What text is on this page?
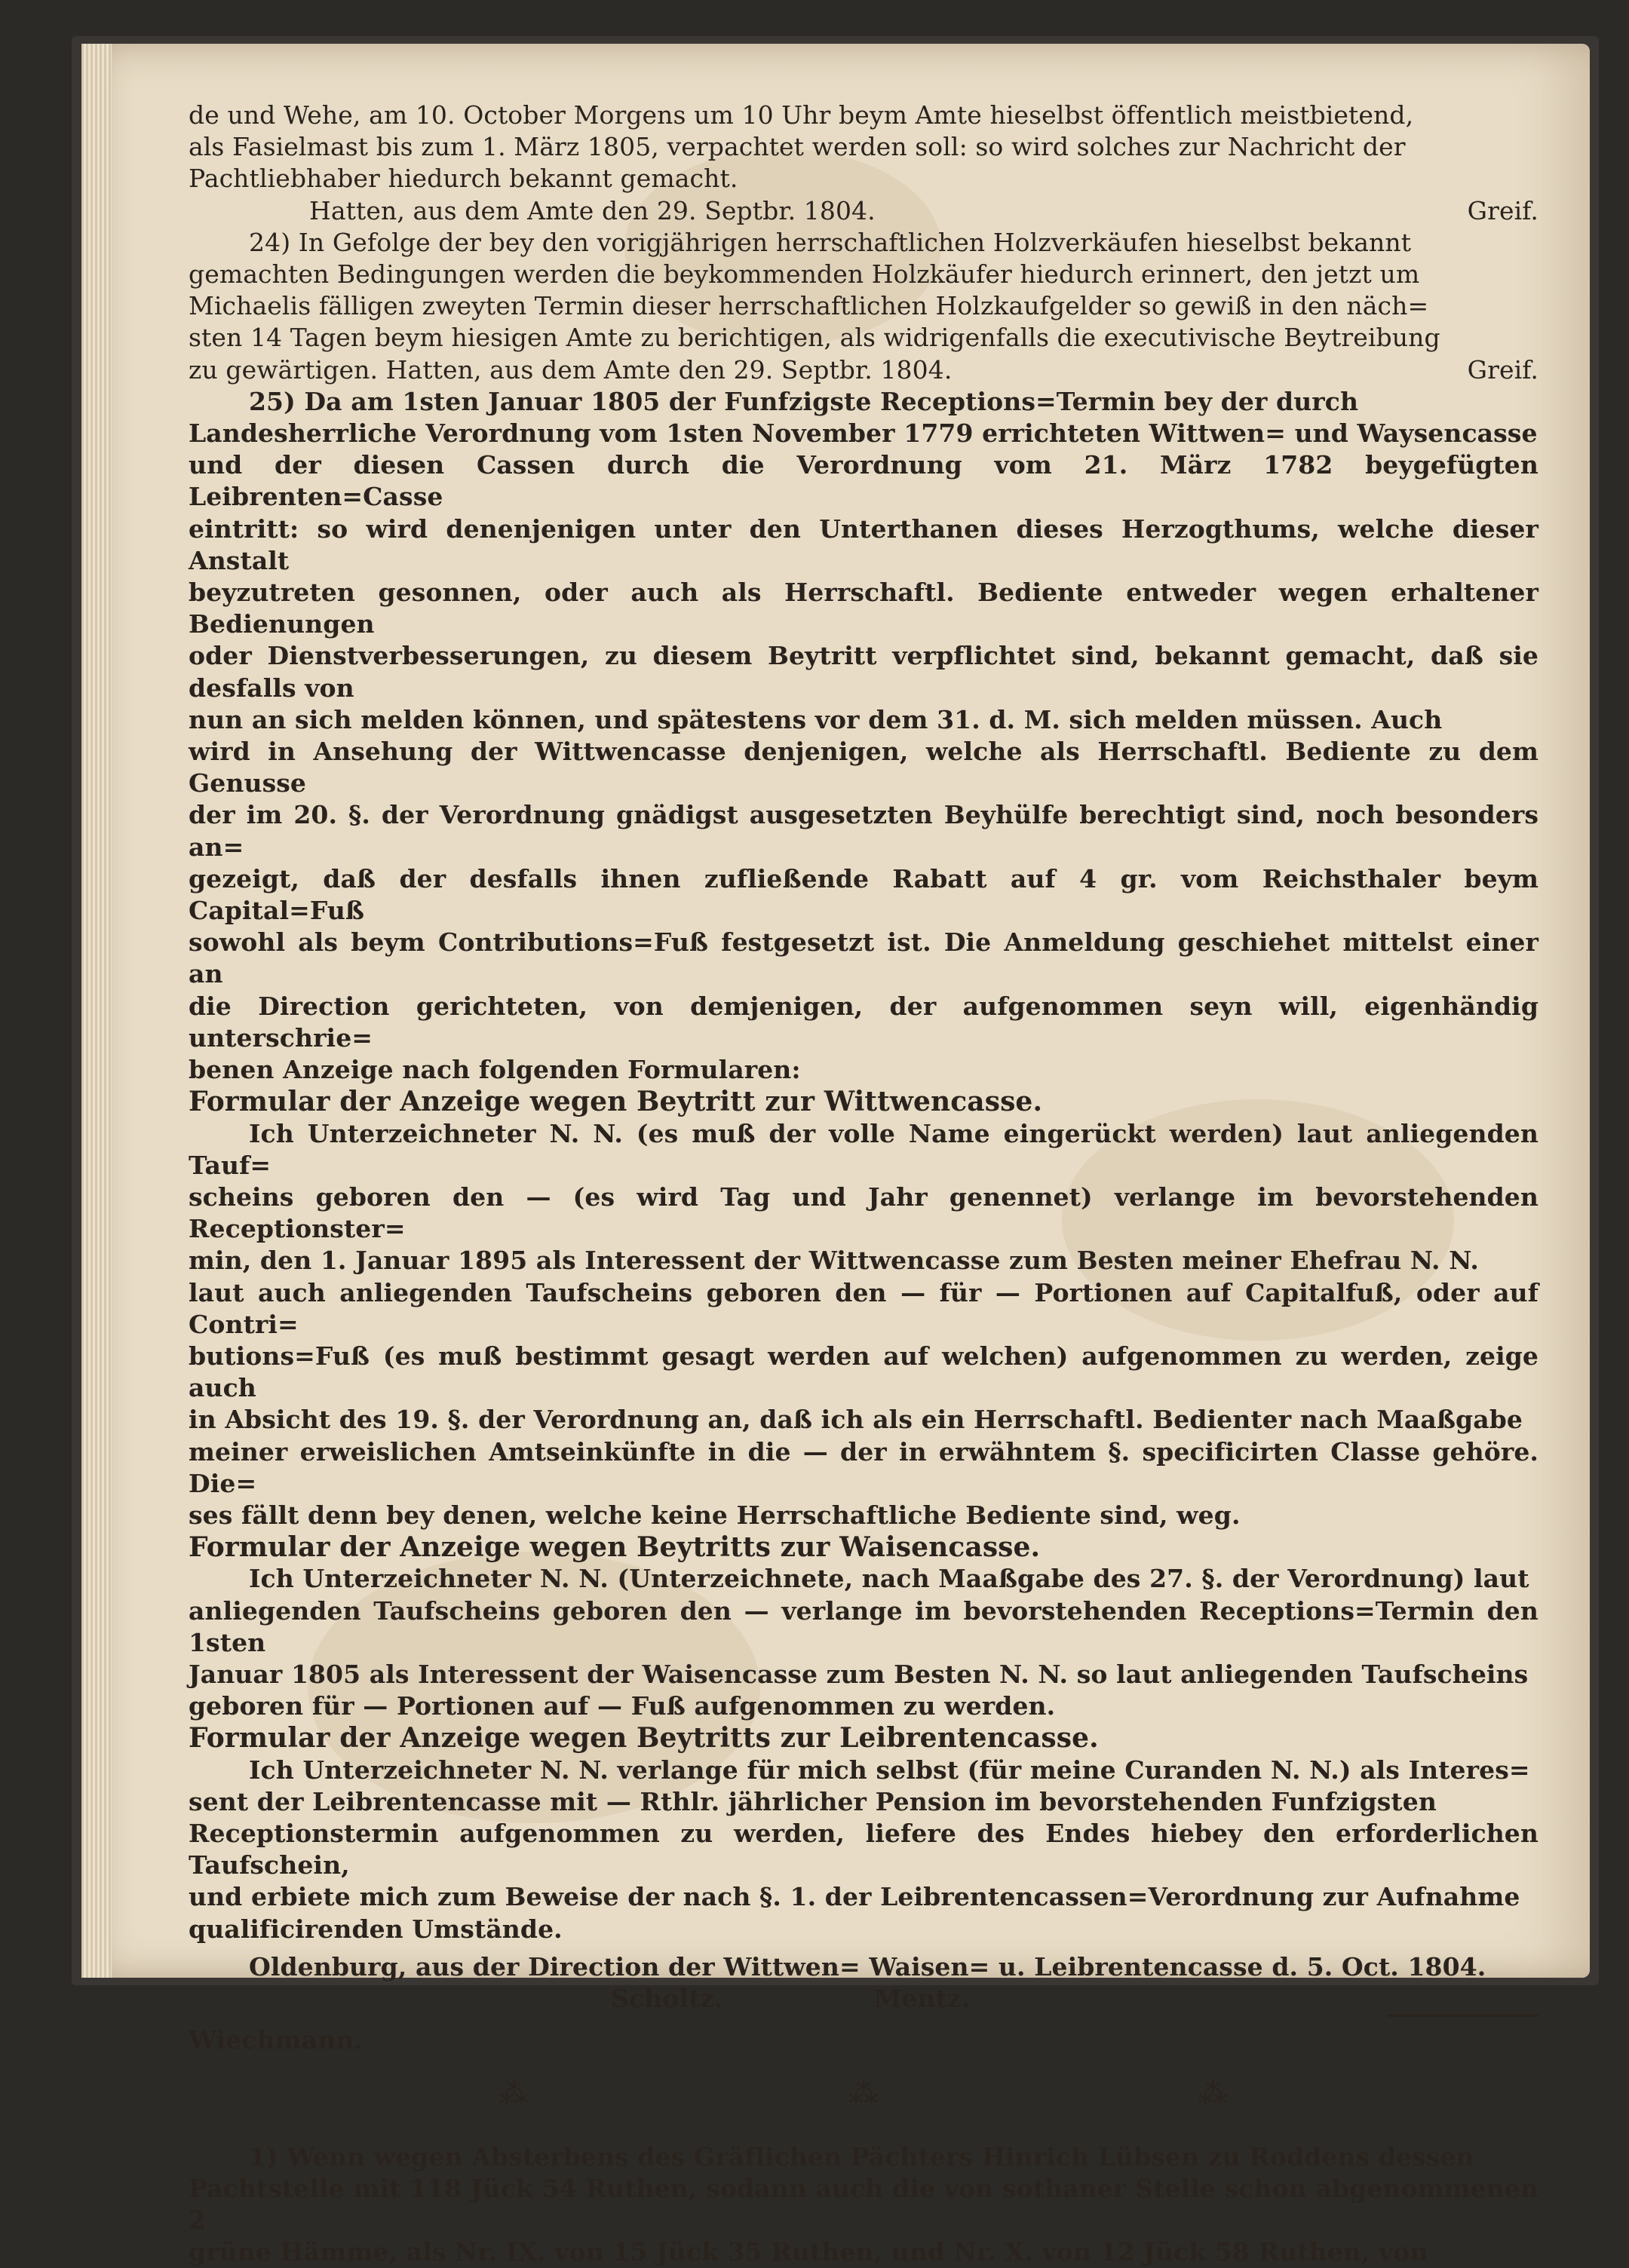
de und Wehe, am 10. October Morgens um 10 Uhr beym Amte hieselbst öffentlich meistbietend,

als Fasielmast bis zum 1. März 1805, verpachtet werden soll: so wird solches zur Nachricht der

Pachtliebhaber hiedurch bekannt gemacht.

Hatten, aus dem Amte den 29. Septbr. 1804.	Greif.

24) In Gefolge der bey den vorigjährigen herrschaftlichen Holzverkäufen hieselbst bekannt

gemachten Bedingungen werden die beykommenden Holzkäufer hiedurch erinnert, den jetzt um

Michaelis fälligen zweyten Termin dieser herrschaftlichen Holzkaufgelder so gewiß in den näch=

sten 14 Tagen beym hiesigen Amte zu berichtigen, als widrigenfalls die executivische Beytreibung

zu gewärtigen. Hatten, aus dem Amte den 29. Septbr. 1804.	Greif.

25) Da am 1sten Januar 1805 der Funfzigste Receptions=Termin bey der durch

Landesherrliche Verordnung vom 1sten November 1779 errichteten Wittwen= und Waysencasse

und der diesen Cassen durch die Verordnung vom 21. März 1782 beygefügten Leibrenten=Casse

eintritt: so wird denenjenigen unter den Unterthanen dieses Herzogthums, welche dieser Anstalt

beyzutreten gesonnen, oder auch als Herrschaftl. Bediente entweder wegen erhaltener Bedienungen

oder Dienstverbesserungen, zu diesem Beytritt verpflichtet sind, bekannt gemacht, daß sie desfalls von

nun an sich melden können, und spätestens vor dem 31. d. M. sich melden müssen. Auch

wird in Ansehung der Wittwencasse denjenigen, welche als Herrschaftl. Bediente zu dem Genusse

der im 20. §. der Verordnung gnädigst ausgesetzten Beyhülfe berechtigt sind, noch besonders an=

gezeigt, daß der desfalls ihnen zufließende Rabatt auf 4 gr. vom Reichsthaler beym Capital=Fuß

sowohl als beym Contributions=Fuß festgesetzt ist. Die Anmeldung geschiehet mittelst einer an

die Direction gerichteten, von demjenigen, der aufgenommen seyn will, eigenhändig unterschrie=

benen Anzeige nach folgenden Formularen:

Formular der Anzeige wegen Beytritt zur Wittwencasse.

Ich Unterzeichneter N. N. (es muß der volle Name eingerückt werden) laut anliegenden Tauf=

scheins geboren den — (es wird Tag und Jahr genennet) verlange im bevorstehenden Receptionster=

min, den 1. Januar 1895 als Interessent der Wittwencasse zum Besten meiner Ehefrau N. N.

laut auch anliegenden Taufscheins geboren den — für — Portionen auf Capitalfuß, oder auf Contri=

butions=Fuß (es muß bestimmt gesagt werden auf welchen) aufgenommen zu werden, zeige auch

in Absicht des 19. §. der Verordnung an, daß ich als ein Herrschaftl. Bedienter nach Maaßgabe

meiner erweislichen Amtseinkünfte in die — der in erwähntem §. specificirten Classe gehöre. Die=

ses fällt denn bey denen, welche keine Herrschaftliche Bediente sind, weg.

Formular der Anzeige wegen Beytritts zur Waisencasse.

Ich Unterzeichneter N. N. (Unterzeichnete, nach Maaßgabe des 27. §. der Verordnung) laut

anliegenden Taufscheins geboren den — verlange im bevorstehenden Receptions=Termin den 1sten

Januar 1805 als Interessent der Waisencasse zum Besten N. N. so laut anliegenden Taufscheins

geboren für — Portionen auf — Fuß aufgenommen zu werden.

Formular der Anzeige wegen Beytritts zur Leibrentencasse.

Ich Unterzeichneter N. N. verlange für mich selbst (für meine Curanden N. N.) als Interes=

sent der Leibrentencasse mit — Rthlr. jährlicher Pension im bevorstehenden Funfzigsten

Receptionstermin aufgenommen zu werden, liefere des Endes hiebey den erforderlichen Taufschein,

und erbiete mich zum Beweise der nach §. 1. der Leibrentencassen=Verordnung zur Aufnahme

qualificirenden Umstände.

Oldenburg, aus der Direction der Wittwen= Waisen= u. Leibrentencasse d. 5. Oct. 1804.

Scholtz.	Mentz.

Wiechmann.

⁂	⁂	⁂

1) Wenn wegen Absterbens des Gräflichen Pächters Hinrich Lübsen zu Roddens dessen

Pachtstelle mit 118 Jück 54 Ruthen, sodann auch die von sothaner Stelle schon abgenommenen 2

grüne Hämme, als Nr. IX. von 15 Jück 35 Ruthen, und Nr. X. von 12 Jück 58 Ruthen, von
